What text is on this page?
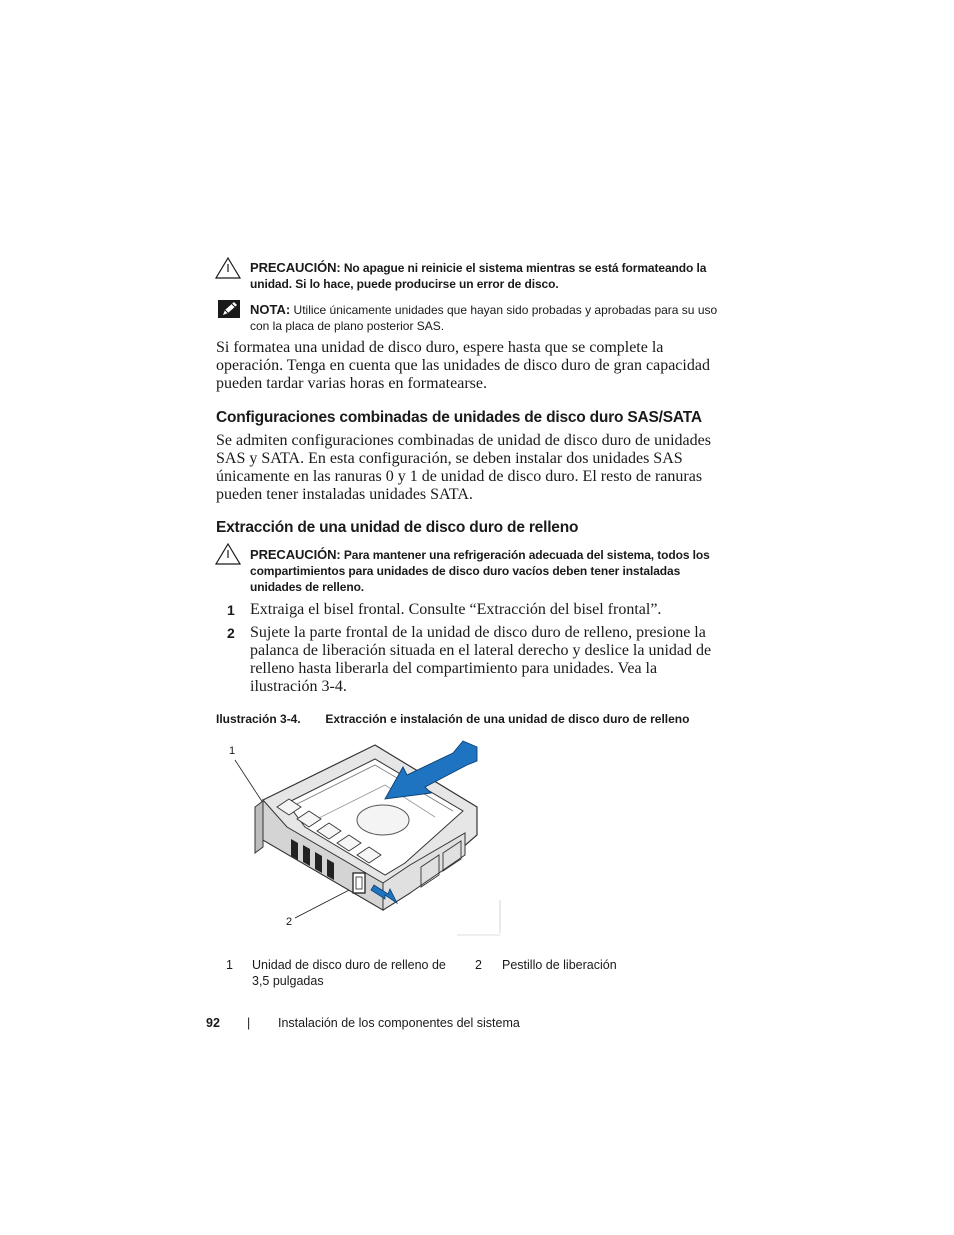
PRECAUCIÓN: No apague ni reinicie el sistema mientras se está formateando la unidad. Si lo hace, puede producirse un error de disco.
NOTA: Utilice únicamente unidades que hayan sido probadas y aprobadas para su uso con la placa de plano posterior SAS.
Si formatea una unidad de disco duro, espere hasta que se complete la operación. Tenga en cuenta que las unidades de disco duro de gran capacidad pueden tardar varias horas en formatearse.
Configuraciones combinadas de unidades de disco duro SAS/SATA
Se admiten configuraciones combinadas de unidad de disco duro de unidades SAS y SATA. En esta configuración, se deben instalar dos unidades SAS únicamente en las ranuras 0 y 1 de unidad de disco duro. El resto de ranuras pueden tener instaladas unidades SATA.
Extracción de una unidad de disco duro de relleno
PRECAUCIÓN: Para mantener una refrigeración adecuada del sistema, todos los compartimientos para unidades de disco duro vacíos deben tener instaladas unidades de relleno.
1 Extraiga el bisel frontal. Consulte “Extracción del bisel frontal”.
2 Sujete la parte frontal de la unidad de disco duro de relleno, presione la palanca de liberación situada en el lateral derecho y deslice la unidad de relleno hasta liberarla del compartimiento para unidades. Vea la ilustración 3-4.
Ilustración 3-4. Extracción e instalación de una unidad de disco duro de relleno
1
2
1 Unidad de disco duro de relleno de 3,5 pulgadas
2 Pestillo de liberación
92 | Instalación de los componentes del sistema
